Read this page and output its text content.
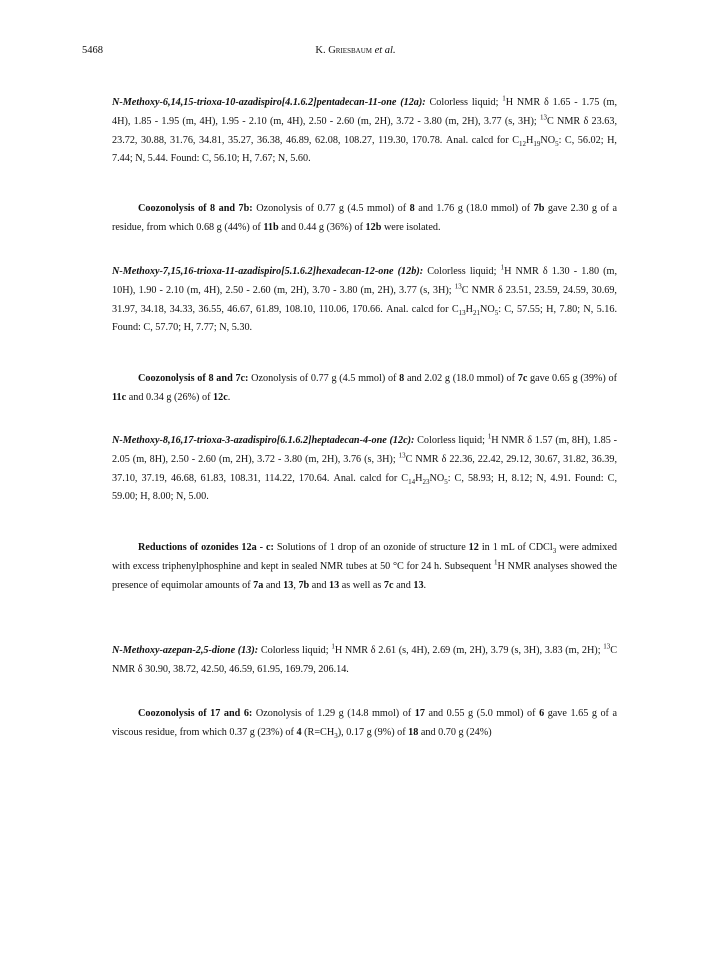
5468	K. Griesbaum et al.

N-Methoxy-6,14,15-trioxa-10-azadispiro[4.1.6.2]pentadecan-11-one (12a): Colorless liquid; $^1$H NMR δ 1.65 - 1.75 (m, 4H), 1.85 - 1.95 (m, 4H), 1.95 - 2.10 (m, 4H), 2.50 - 2.60 (m, 2H), 3.72 - 3.80 (m, 2H), 3.77 (s, 3H); $^{13}$C NMR δ 23.63, 23.72, 30.88, 31.76, 34.81, 35.27, 36.38, 46.89, 62.08, 108.27, 119.30, 170.78. Anal. calcd for $C_{12}H_{19}NO_5$: C, 56.02; H, 7.44; N, 5.44. Found: C, 56.10; H, 7.67; N, 5.60.

Coozonolysis of 8 and 7b: Ozonolysis of 0.77 g (4.5 mmol) of 8 and 1.76 g (18.0 mmol) of 7b gave 2.30 g of a residue, from which 0.68 g (44%) of 11b and 0.44 g (36%) of 12b were isolated.

N-Methoxy-7,15,16-trioxa-11-azadispiro[5.1.6.2]hexadecan-12-one (12b): Colorless liquid; $^1$H NMR δ 1.30 - 1.80 (m, 10H), 1.90 - 2.10 (m, 4H), 2.50 - 2.60 (m, 2H), 3.70 - 3.80 (m, 2H), 3.77 (s, 3H); $^{13}$C NMR δ 23.51, 23.59, 24.59, 30.69, 31.97, 34.18, 34.33, 36.55, 46.67, 61.89, 108.10, 110.06, 170.66. Anal. calcd for $C_{13}H_{21}NO_5$: C, 57.55; H, 7.80; N, 5.16. Found: C, 57.70; H, 7.77; N, 5.30.

Coozonolysis of 8 and 7c: Ozonolysis of 0.77 g (4.5 mmol) of 8 and 2.02 g (18.0 mmol) of 7c gave 0.65 g (39%) of 11c and 0.34 g (26%) of 12c.

N-Methoxy-8,16,17-trioxa-3-azadispiro[6.1.6.2]heptadecan-4-one (12c): Colorless liquid; $^1$H NMR δ 1.57 (m, 8H), 1.85 - 2.05 (m, 8H), 2.50 - 2.60 (m, 2H), 3.72 - 3.80 (m, 2H), 3.76 (s, 3H); $^{13}$C NMR δ 22.36, 22.42, 29.12, 30.67, 31.82, 36.39, 37.10, 37.19, 46.68, 61.83, 108.31, 114.22, 170.64. Anal. calcd for $C_{14}H_{23}NO_5$: C, 58.93; H, 8.12; N, 4.91. Found: C, 59.00; H, 8.00; N, 5.00.

Reductions of ozonides 12a - c: Solutions of 1 drop of an ozonide of structure 12 in 1 mL of CDCl$_3$ were admixed with excess triphenylphosphine and kept in sealed NMR tubes at 50 °C for 24 h. Subsequent $^1$H NMR analyses showed the presence of equimolar amounts of 7a and 13, 7b and 13 as well as 7c and 13.

N-Methoxy-azepan-2,5-dione (13): Colorless liquid; $^1$H NMR δ 2.61 (s, 4H), 2.69 (m, 2H), 3.79 (s, 3H), 3.83 (m, 2H); $^{13}$C NMR δ 30.90, 38.72, 42.50, 46.59, 61.95, 169.79, 206.14.

Coozonolysis of 17 and 6: Ozonolysis of 1.29 g (14.8 mmol) of 17 and 0.55 g (5.0 mmol) of 6 gave 1.65 g of a viscous residue, from which 0.37 g (23%) of 4 $(R=CH_3)$, 0.17 g (9%) of 18 and 0.70 g (24%)
